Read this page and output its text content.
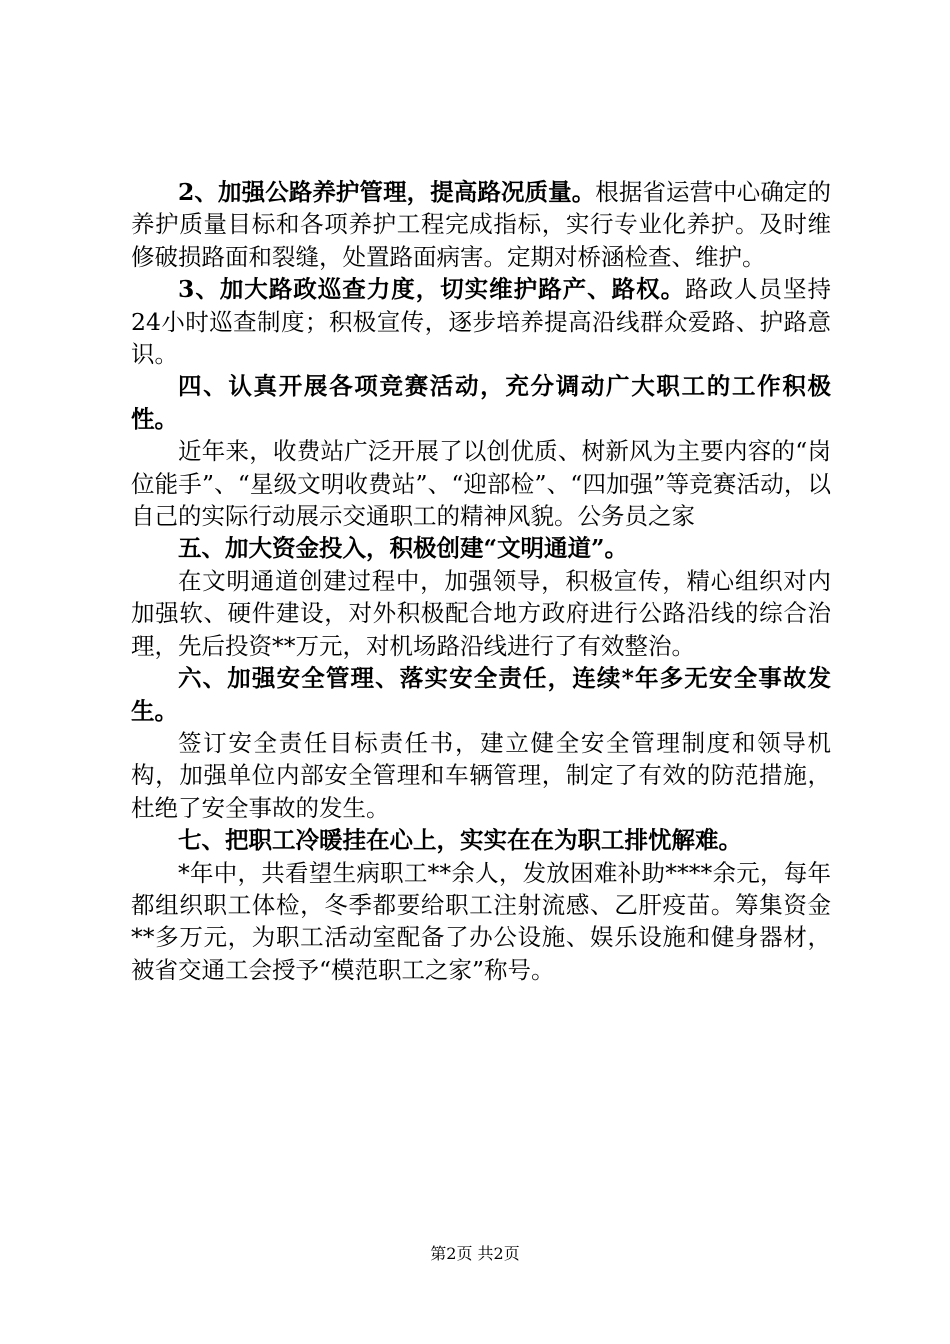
2、加强公路养护管理，提高路况质量。根据省运营中心确定的养护质量目标和各项养护工程完成指标，实行专业化养护。及时维修破损路面和裂缝，处置路面病害。定期对桥涵检查、维护。

3、加大路政巡查力度，切实维护路产、路权。路政人员坚持24小时巡查制度；积极宣传，逐步培养提高沿线群众爱路、护路意识。

四、认真开展各项竞赛活动，充分调动广大职工的工作积极性。

近年来，收费站广泛开展了以创优质、树新风为主要内容的“岗位能手”、“星级文明收费站”、“迎部检”、“四加强”等竞赛活动，以自己的实际行动展示交通职工的精神风貌。公务员之家

五、加大资金投入，积极创建“文明通道”。

在文明通道创建过程中，加强领导，积极宣传，精心组织对内加强软、硬件建设，对外积极配合地方政府进行公路沿线的综合治理，先后投资**万元，对机场路沿线进行了有效整治。

六、加强安全管理、落实安全责任，连续*年多无安全事故发生。

签订安全责任目标责任书，建立健全安全管理制度和领导机构，加强单位内部安全管理和车辆管理，制定了有效的防范措施，杜绝了安全事故的发生。

七、把职工冷暖挂在心上，实实在在为职工排忧解难。

*年中，共看望生病职工**余人，发放困难补助****余元，每年都组织职工体检，冬季都要给职工注射流感、乙肝疫苗。筹集资金**多万元，为职工活动室配备了办公设施、娱乐设施和健身器材，被省交通工会授予“模范职工之家”称号。

第2页 共2页
